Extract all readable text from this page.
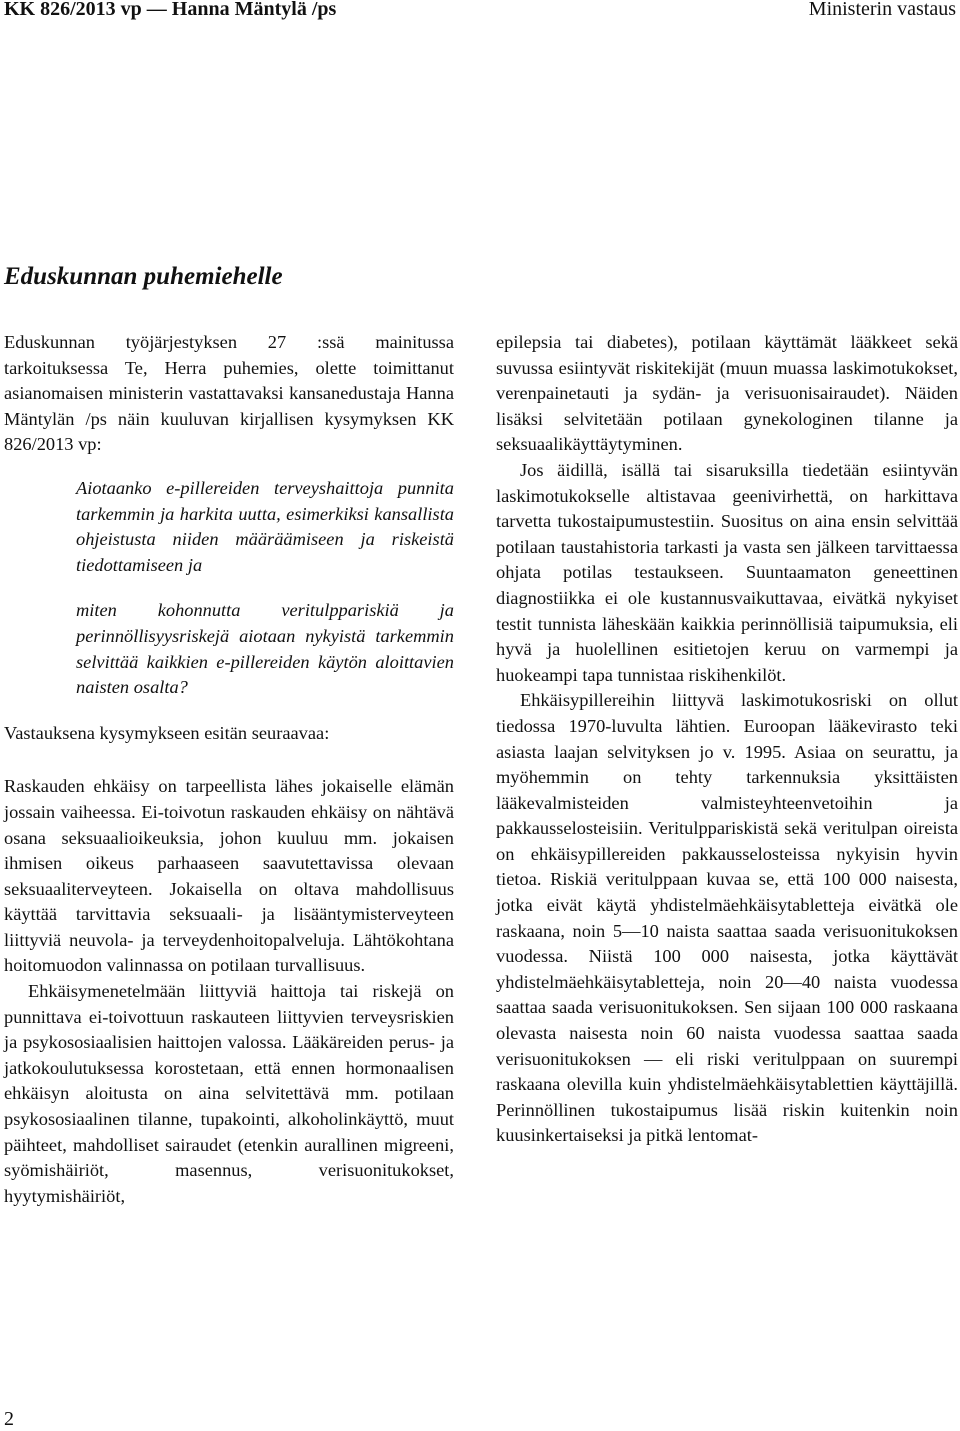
KK 826/2013 vp — Hanna Mäntylä /ps	Ministerin vastaus
Eduskunnan puhemiehelle

Eduskunnan työjärjestyksen 27 :ssä mainitussa tarkoituksessa Te, Herra puhemies, olette toimittanut asianomaisen ministerin vastattavaksi kansanedustaja Hanna Mäntylän /ps näin kuuluvan kirjallisen kysymyksen KK 826/2013 vp:

Aiotaanko e-pillereiden terveyshaittoja punnita tarkemmin ja harkita uutta, esimerkiksi kansallista ohjeistusta niiden määräämiseen ja riskeistä tiedottamiseen ja

miten kohonnutta veritulppariskiä ja perinnöllisyysriskejä aiotaan nykyistä tarkemmin selvittää kaikkien e-pillereiden käytön aloittavien naisten osalta?

Vastauksena kysymykseen esitän seuraavaa:

Raskauden ehkäisy on tarpeellista lähes jokaiselle elämän jossain vaiheessa. Ei-toivotun raskauden ehkäisy on nähtävä osana seksuaalioikeuksia, johon kuuluu mm. jokaisen ihmisen oikeus parhaaseen saavutettavissa olevaan seksuaaliterveyteen. Jokaisella on oltava mahdollisuus käyttää tarvittavia seksuaali- ja lisääntymisterveyteen liittyviä neuvola- ja terveydenhoitopalveluja. Lähtökohtana hoitomuodon valinnassa on potilaan turvallisuus.

Ehkäisymenetelmään liittyviä haittoja tai riskejä on punnittava ei-toivottuun raskauteen liittyvien terveysriskien ja psykososiaalisien haittojen valossa. Lääkäreiden perus- ja jatkokoulutuksessa korostetaan, että ennen hormonaalisen ehkäisyn aloitusta on aina selvitettävä mm. potilaan psykososiaalinen tilanne, tupakointi, alkoholinkäyttö, muut päihteet, mahdolliset sairaudet (etenkin aurallinen migreeni, syömishäiriöt, masennus, verisuonitukokset, hyytymishäiriöt,

epilepsia tai diabetes), potilaan käyttämät lääkkeet sekä suvussa esiintyvät riskitekijät (muun muassa laskimotukokset, verenpainetauti ja sydän- ja verisuonisairaudet). Näiden lisäksi selvitetään potilaan gynekologinen tilanne ja seksuaalikäyttäytyminen.

Jos äidillä, isällä tai sisaruksilla tiedetään esiintyvän laskimotukokselle altistavaa geenivirhettä, on harkittava tarvetta tukostaipumustestiin. Suositus on aina ensin selvittää potilaan taustahistoria tarkasti ja vasta sen jälkeen tarvittaessa ohjata potilas testaukseen. Suuntaamaton geneettinen diagnostiikka ei ole kustannusvaikuttavaa, eivätkä nykyiset testit tunnista läheskään kaikkia perinnöllisiä taipumuksia, eli hyvä ja huolellinen esitietojen keruu on varmempi ja huokeampi tapa tunnistaa riskihenkilöt.

Ehkäisypillereihin liittyvä laskimotukosriski on ollut tiedossa 1970-luvulta lähtien. Euroopan lääkevirasto teki asiasta laajan selvityksen jo v. 1995. Asiaa on seurattu, ja myöhemmin on tehty tarkennuksia yksittäisten lääkevalmisteiden valmisteyhteenvetoihin ja pakkausselosteisiin. Veritulppariskistä sekä veritulpan oireista on ehkäisypillereiden pakkausselosteissa nykyisin hyvin tietoa. Riskiä veritulppaan kuvaa se, että 100 000 naisesta, jotka eivät käytä yhdistelmäehkäisytabletteja eivätkä ole raskaana, noin 5—10 naista saattaa saada verisuonitukoksen vuodessa. Niistä 100 000 naisesta, jotka käyttävät yhdistelmäehkäisytabletteja, noin 20—40 naista vuodessa saattaa saada verisuonitukoksen. Sen sijaan 100 000 raskaana olevasta naisesta noin 60 naista vuodessa saattaa saada verisuonitukoksen — eli riski veritulppaan on suurempi raskaana olevilla kuin yhdistelmäehkäisytablettien käyttäjillä. Perinnöllinen tukostaipumus lisää riskin kuitenkin noin kuusinkertaiseksi ja pitkä lentomat-

2
